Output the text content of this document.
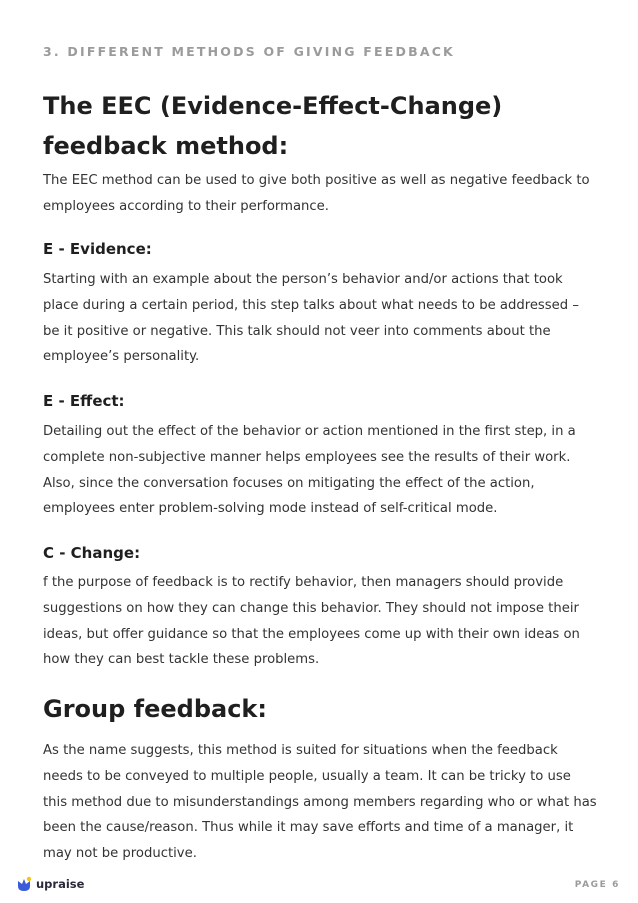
3. DIFFERENT METHODS OF GIVING FEEDBACK
The EEC (Evidence-Effect-Change) feedback method:

The EEC method can be used to give both positive as well as negative feedback to employees according to their performance.

E - Evidence:

Starting with an example about the person’s behavior and/or actions that took place during a certain period, this step talks about what needs to be addressed – be it positive or negative. This talk should not veer into comments about the employee’s personality.

E - Effect:

Detailing out the effect of the behavior or action mentioned in the first step, in a complete non-subjective manner helps employees see the results of their work. Also, since the conversation focuses on mitigating the effect of the action, employees enter problem-solving mode instead of self-critical mode.

C - Change:

f the purpose of feedback is to rectify behavior, then managers should provide suggestions on how they can change this behavior. They should not impose their ideas, but offer guidance so that the employees come up with their own ideas on how they can best tackle these problems.

Group feedback:

As the name suggests, this method is suited for situations when the feedback needs to be conveyed to multiple people, usually a team. It can be tricky to use this method due to misunderstandings among members regarding who or what has been the cause/reason. Thus while it may save efforts and time of a manager, it may not be productive.

upraise	PAGE 6
